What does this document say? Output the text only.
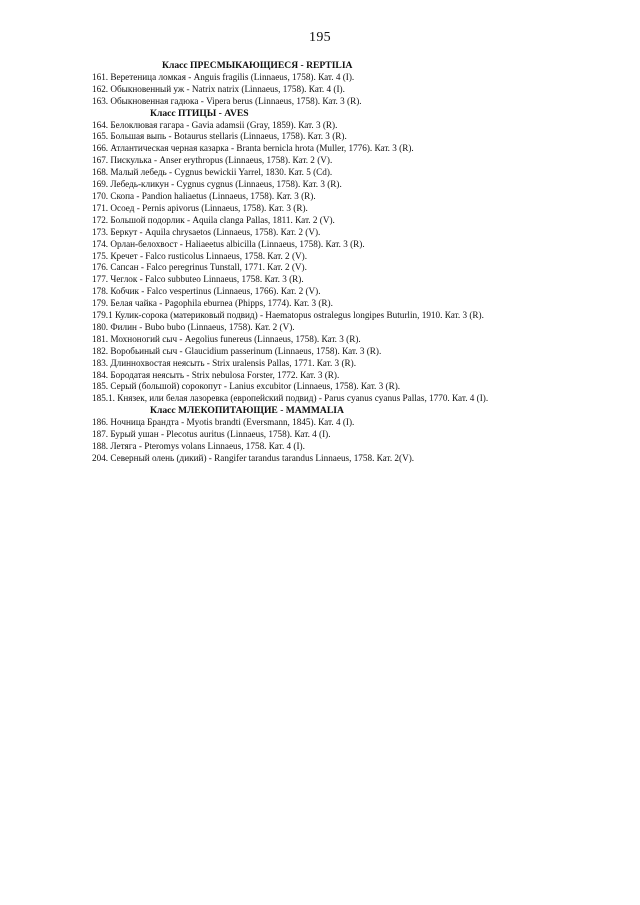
195
Класс ПРЕСМЫКАЮЩИЕСЯ - REPTILIA
161. Веретеница ломкая - Anguis fragilis (Linnaeus, 1758). Кат. 4 (I).
162. Обыкновенный уж - Natrix natrix (Linnaeus, 1758). Кат. 4 (I).
163. Обыкновенная гадюка - Vipera berus (Linnaeus, 1758). Кат. 3 (R).
Класс ПТИЦЫ - AVES
164. Белоклювая гагара - Gavia adamsii (Gray, 1859). Кат. 3 (R).
165. Большая выпь - Botaurus stellaris (Linnaeus, 1758). Кат. 3 (R).
166. Атлантическая черная казарка - Branta bernicla hrota (Muller, 1776). Кат. 3 (R).
167. Пискулька - Anser erythropus (Linnaeus, 1758). Кат. 2 (V).
168. Малый лебедь - Cygnus bewickii Yarrel, 1830. Кат. 5 (Cd).
169. Лебедь-кликун - Cygnus cygnus (Linnaeus, 1758). Кат. 3 (R).
170. Скопа - Pandion haliaetus (Linnaeus, 1758). Кат. 3 (R).
171. Осоед - Pernis apivorus (Linnaeus, 1758). Кат. 3 (R).
172. Большой подорлик - Aquila clanga Pallas, 1811. Кат. 2 (V).
173. Беркут - Aquila chrysaetos (Linnaeus, 1758). Кат. 2 (V).
174. Орлан-белохвост - Haliaeetus albicilla (Linnaeus, 1758). Кат. 3 (R).
175. Кречет - Falco rusticolus Linnaeus, 1758. Кат. 2 (V).
176. Сапсан - Falco peregrinus Tunstall, 1771. Кат. 2 (V).
177. Чеглок - Falco subbuteo Linnaeus, 1758. Кат. 3 (R).
178. Кобчик - Falco vespertinus (Linnaeus, 1766). Кат. 2 (V).
179. Белая чайка - Pagophila eburnea (Phipps, 1774). Кат. 3 (R).
179.1 Кулик-сорока (материковый подвид) - Haematopus ostralegus longipes Buturlin, 1910. Кат. 3 (R).
180. Филин - Bubo bubo (Linnaeus, 1758). Кат. 2 (V).
181. Мохноногий сыч - Aegolius funereus (Linnaeus, 1758). Кат. 3 (R).
182. Воробьиный сыч - Glaucidium passerinum (Linnaeus, 1758). Кат. 3 (R).
183. Длиннохвостая неясыть - Strix uralensis Pallas, 1771. Кат. 3 (R).
184. Бородатая неясыть - Strix nebulosa Forster, 1772. Кат. 3 (R).
185. Серый (большой) сорокопут - Lanius excubitor (Linnaeus, 1758). Кат. 3 (R).
185.1. Князек, или белая лазоревка (европейский подвид) - Parus cyanus cyanus Pallas, 1770. Кат. 4 (I).
Класс МЛЕКОПИТАЮЩИЕ - MAMMALIA
186. Ночница Брандта - Myotis brandti (Eversmann, 1845). Кат. 4 (I).
187. Бурый ушан - Plecotus auritus (Linnaeus, 1758). Кат. 4 (I).
188. Летяга - Pteromys volans Linnaeus, 1758. Кат. 4 (I).
204. Северный олень (дикий) - Rangifer tarandus tarandus Linnaeus, 1758. Кат. 2(V).
